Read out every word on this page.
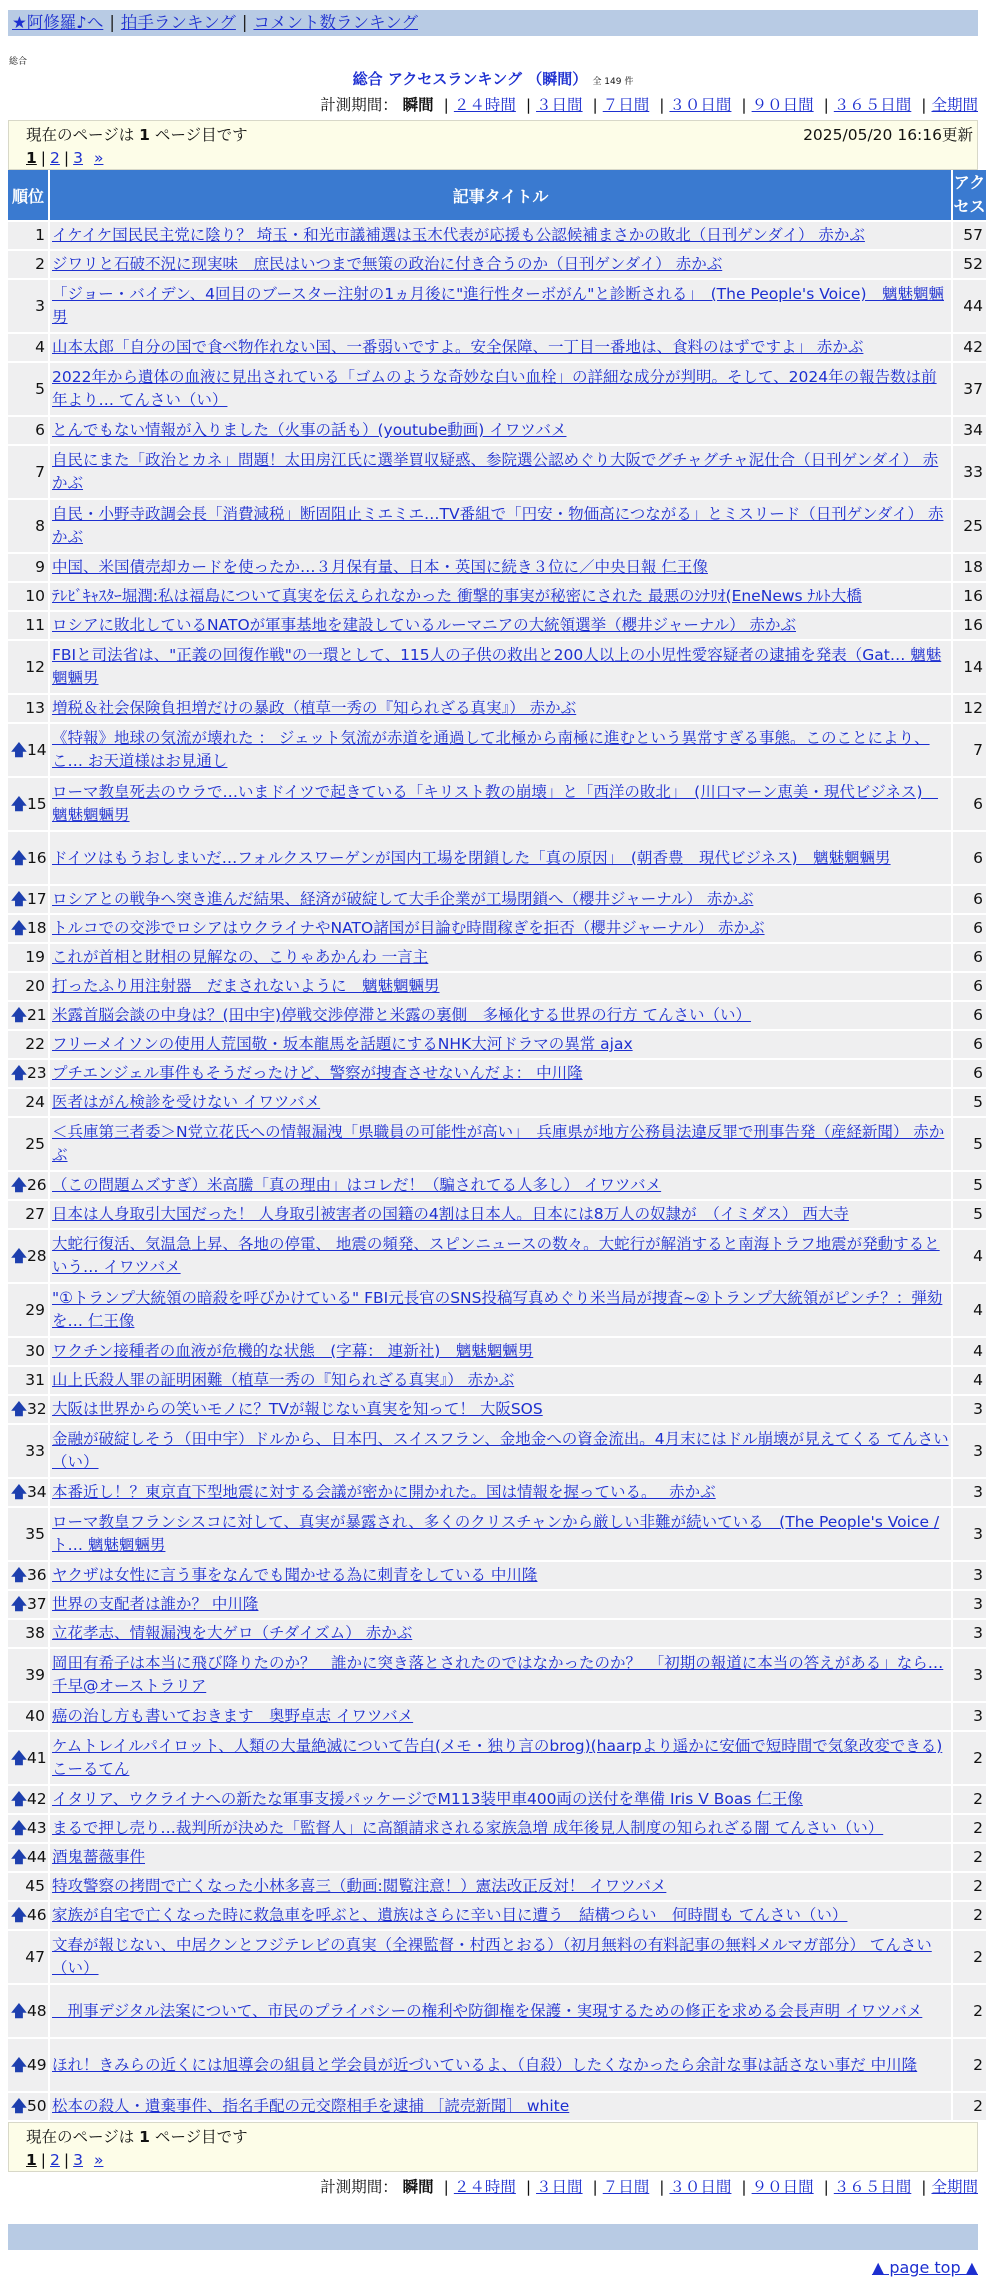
★阿修羅♪へ | 拍手ランキング | コメント数ランキング
総合
総合 アクセスランキング （瞬間） 全 149 件
計測期間： 瞬間 | ２４時間 | ３日間 | ７日間 | ３０日間 | ９０日間 | ３６５日間 | 全期間
現在のページは 1 ページ目です	2025/05/20 16:16更新
1 | 2 | 3 »
順位	記事タイトル	アクセス
1	イケイケ国民民主党に陰り？ 埼玉・和光市議補選は玉木代表が応援も公認候補まさかの敗北（日刊ゲンダイ） 赤かぶ	57
2	ジワリと石破不況に现実味　庶民はいつまで無策の政治に付き合うのか（日刊ゲンダイ） 赤かぶ	52
3	「ジョー・バイデン、4回目のブースター注射の1ヵ月後に"進行性ターボがん"と診断される」　(The People's Voice)　魑魅魍魎男	44
4	山本太郎「自分の国で食べ物作れない国、一番弱いですよ。安全保障、一丁目一番地は、食料のはずですよ」 赤かぶ	42
5	2022年から遺体の血液に見出されている「ゴムのような奇妙な白い血栓」の詳細な成分が判明。そして、2024年の報告数は前年より… てんさい（い）	37
6	とんでもない情報が入りました（火事の話も）(youtube動画) イワツバメ	34
7	自民にまた「政治とカネ」問題！太田房江氏に選挙買収疑惑、参院選公認めぐり大阪でグチャグチャ泥仕合（日刊ゲンダイ） 赤かぶ	33
8	自民・小野寺政調会長「消費減税」断固阻止ミエミエ…TV番組で「円安・物価高につながる」とミスリード（日刊ゲンダイ） 赤かぶ	25
9	中国、米国債売却カードを使ったか…３月保有量、日本・英国に続き３位に／中央日報 仁王像	18
10	ﾃﾚﾋﾞｷｬｽﾀｰ堀潤:私は福島について真実を伝えられなかった 衝撃的事実が秘密にされた 最悪のｼﾅﾘｵ(EneNews ﾅﾙﾄ大橋	16
11	ロシアに敗北しているNATOが軍事基地を建設しているルーマニアの大統領選挙（櫻井ジャーナル） 赤かぶ	16
12	FBIと司法省は、"正義の回復作戦"の一環として、115人の子供の救出と200人以上の小児性愛容疑者の逮捕を発表（Gat… 魑魅魍魎男	14
13	増税＆社会保険負担増だけの暴政（植草一秀の『知られざる真実』） 赤かぶ	12

🡅 14	《特報》地球の気流が壊れた ： ジェット気流が赤道を通過して北極から南極に進むという異常すぎる事態。このことにより、こ… お天道様はお見通し	7

🡅 15	ローマ教皇死去のウラで…いまドイツで起きている「キリスト教の崩壊」と「西洋の敗北」　(川口マーン恵美・現代ビジネス)　魑魅魍魎男	6

🡅 16	ドイツはもうおしまいだ…フォルクスワーゲンが国内工場を閉鎖した「真の原因」　(朝香豊　現代ビジネス)　魑魅魍魎男	6

🡅 17	ロシアとの戦争へ突き進んだ結果、経済が破綻して大手企業が工場閉鎖へ（櫻井ジャーナル） 赤かぶ	6

🡅 18	トルコでの交渉でロシアはウクライナやNATO諸国が目論む時間稼ぎを拒否（櫻井ジャーナル） 赤かぶ	6
19	これが首相と財相の見解なの、こりゃあかんわ 一言主	6
20	打ったふり用注射器　だまされないように　魑魅魍魎男	6

🡅 21	米露首脳会談の中身は？(田中宇)停戦交渉停滞と米露の裏側　多極化する世界の行方 てんさい（い）	6
22	フリーメイソンの使用人荒国敬・坂本龍馬を話題にするNHK大河ドラマの異常 ajax	6

🡅 23	プチエンジェル事件もそうだったけど、警察が捜査させないんだよ： 中川隆	6
24	医者はがん検診を受けない イワツバメ	5
25	＜兵庫第三者委＞N党立花氏への情報漏洩「県職員の可能性が高い」　兵庫県が地方公務員法違反罪で刑事告発（産経新聞） 赤かぶ	5

🡅 26	（この問題ムズすぎ）米高騰「真の理由」はコレだ！（騙されてる人多し） イワツバメ	5
27	日本は人身取引大国だった！ 人身取引被害者の国籍の4割は日本人。日本には8万人の奴隷が　（イミダス） 西大寺	5

🡅 28	大蛇行復活、気温急上昇、各地の停電、 地震の頻発、スピンニュースの数々。大蛇行が解消すると南海トラフ地震が発動するという… イワツバメ	4
29	"①トランプ大統領の暗殺を呼びかけている" FBI元長官のSNS投稿写真めぐり米当局が捜査~②トランプ大統領がピンチ？：弾劾を… 仁王像	4
30	ワクチン接種者の血液が危機的な状態　(字幕： 連新社)　魑魅魍魎男	4
31	山上氏殺人罪の証明困難（植草一秀の『知られざる真実』） 赤かぶ	4

🡅 32	大阪は世界からの笑いモノに？TVが報じない真実を知って！ 大阪SOS	3
33	金融が破綻しそう（田中宇）ドルから、日本円、スイスフラン、金地金への資金流出。4月末にはドル崩壊が見えてくる てんさい（い）	3

🡅 34	本番近し！？東京直下型地震に対する会議が密かに開かれた。国は情報を握っている。　 赤かぶ	3
35	ローマ教皇フランシスコに対して、真実が暴露され、多くのクリスチャンから厳しい非難が続いている　(The People's Voice / ト… 魑魅魍魎男	3

🡅 36	ヤクザは女性に言う事をなんでも聞かせる為に刺青をしている 中川隆	3

🡅 37	世界の支配者は誰か？ 中川隆	3
38	立花孝志、情報漏洩を大ゲロ（チダイズム） 赤かぶ	3
39	岡田有希子は本当に飛び降りたのか？　誰かに突き落とされたのではなかったのか？　「初期の報道に本当の答えがある」なら… 千早@オーストラリア	3
40	癌の治し方も書いておきます　奥野卓志 イワツバメ	3

🡅 41	ケムトレイルパイロット、人類の大量絶滅について告白(メモ・独り言のbrog)(haarpより遥かに安価で短時間で気象改変できる) こーるてん	2

🡅 42	イタリア、ウクライナへの新たな軍事支援パッケージでM113装甲車400両の送付を準備 Iris V Boas 仁王像	2

🡅 43	まるで押し売り…裁判所が決めた「監督人」に高額請求される家族急増 成年後見人制度の知られざる闇 てんさい（い）	2

🡅 44	酒鬼薔薇事件	2
45	特攻警察の拷問で亡くなった小林多喜三（動画:閲覧注意！）憲法改正反対！ イワツバメ	2

🡅 46	家族が自宅で亡くなった時に救急車を呼ぶと、遺族はさらに辛い目に遭う　結構つらい　何時間も てんさい（い）	2
47	文春が報じない、中居クンとフジテレビの真実（全裸監督・村西とおる）（初月無料の有料記事の無料メルマガ部分） てんさい（い）	2

🡅 48	　刑事デジタル法案について、市民のプライバシーの権利や防御権を保護・実現するための修正を求める会長声明 イワツバメ	2

🡅 49	ほれ！きみらの近くには旭導会の組員と学会員が近づいているよ、（自殺）したくなかったら余計な事は話さない事だ 中川隆	2

🡅 50	松本の殺人・遺棄事件、指名手配の元交際相手を逮捕 ［読売新聞］ white	2
現在のページは 1 ページ目です
1 | 2 | 3 »
計測期間： 瞬間 | ２４時間 | ３日間 | ７日間 | ３０日間 | ９０日間 | ３６５日間 | 全期間
▲ page top ▲
